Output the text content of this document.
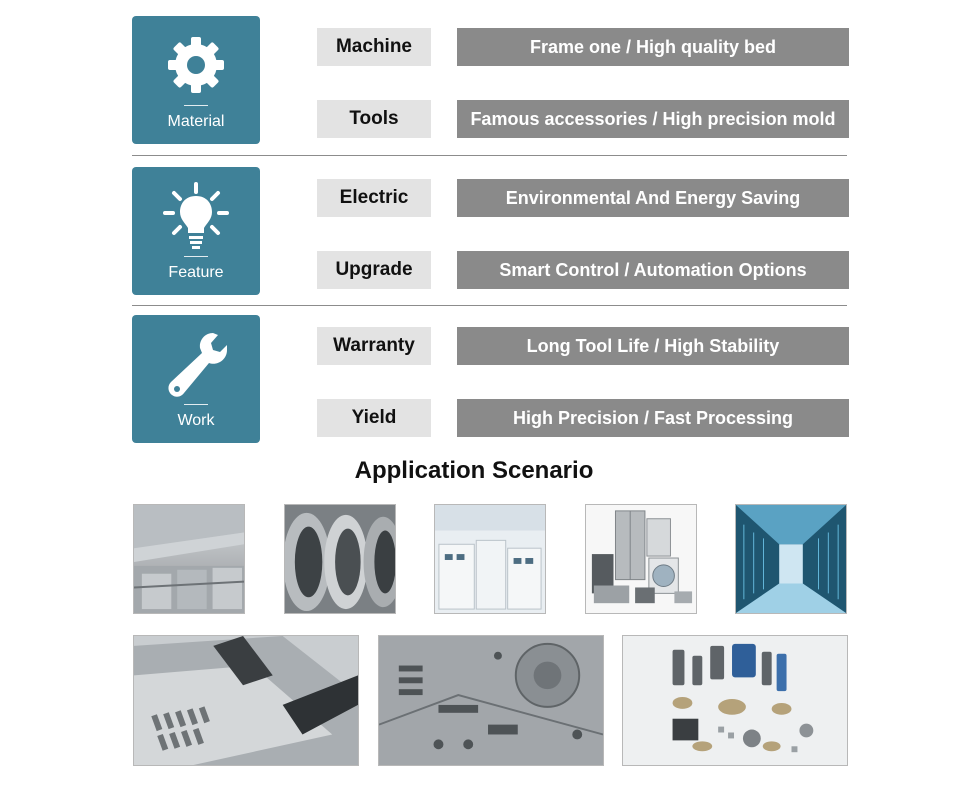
Material
Machine	Frame one / High quality bed
Tools	Famous accessories / High precision mold
Feature
Electric	Environmental And Energy Saving
Upgrade	Smart Control / Automation Options
Work
Warranty	Long Tool Life / High Stability
Yield	High Precision / Fast Processing
Application Scenario
